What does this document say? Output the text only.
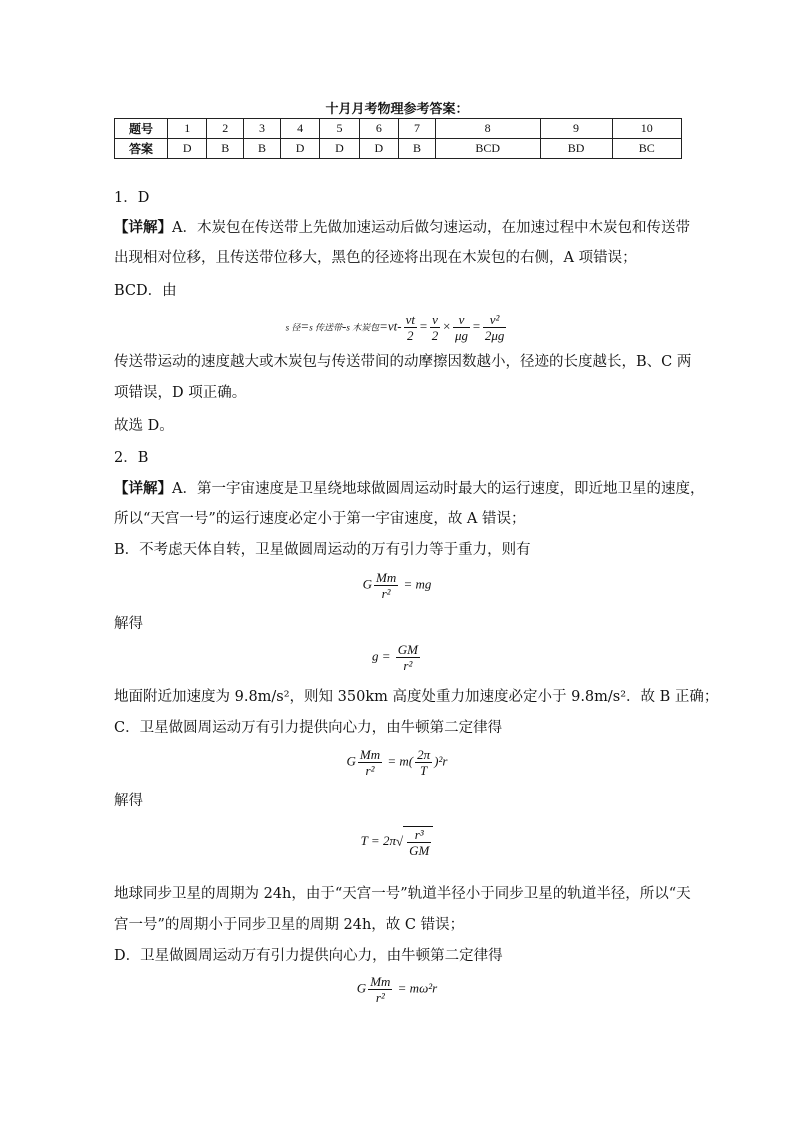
十月月考物理参考答案：
题号	1	2	3	4	5	6	7	8	9	10
答案	D	B	B	D	D	D	B	BCD	BD	BC
1．D
【详解】A．木炭包在传送带上先做加速运动后做匀速运动，在加速过程中木炭包和传送带
出现相对位移，且传送带位移大，黑色的径迹将出现在木炭包的右侧，A 项错误；
BCD．由
s 径=s 传送带-s 木炭包$=vt- \frac{vt}{2} = \frac{v}{2} \times \frac{v}{\mu g} = \frac{\text{v²}}{2\mu g}$
传送带运动的速度越大或木炭包与传送带间的动摩擦因数越小，径迹的长度越长，B、C 两
项错误，D 项正确。
故选 D。
2．B
【详解】A．第一宇宙速度是卫星绕地球做圆周运动时最大的运行速度，即近地卫星的速度，
所以“天宫一号”的运行速度必定小于第一宇宙速度，故 A 错误；
B．不考虑天体自转，卫星做圆周运动的万有引力等于重力，则有
G $\frac{Mm}{\text{r²}}$ = mg
解得
$g = \frac{GM}{\text{r²}}$
地面附近加速度为 9.8m/s²，则知 350km 高度处重力加速度必定小于 9.8m/s²．故 B 正确；
C．卫星做圆周运动万有引力提供向心力，由牛顿第二定律得
G $\frac{Mm}{\text{r²}} = m( \frac{2\pi}{T} )^2r$
解得
$T = 2\pi√ \frac{\text{r³}}{GM}$
地球同步卫星的周期为 24h，由于“天宫一号”轨道半径小于同步卫星的轨道半径，所以“天
宫一号”的周期小于同步卫星的周期 24h，故 C 错误；
D．卫星做圆周运动万有引力提供向心力，由牛顿第二定律得
G $\frac{Mm}{\text{r²}} = m\omega^2r$
